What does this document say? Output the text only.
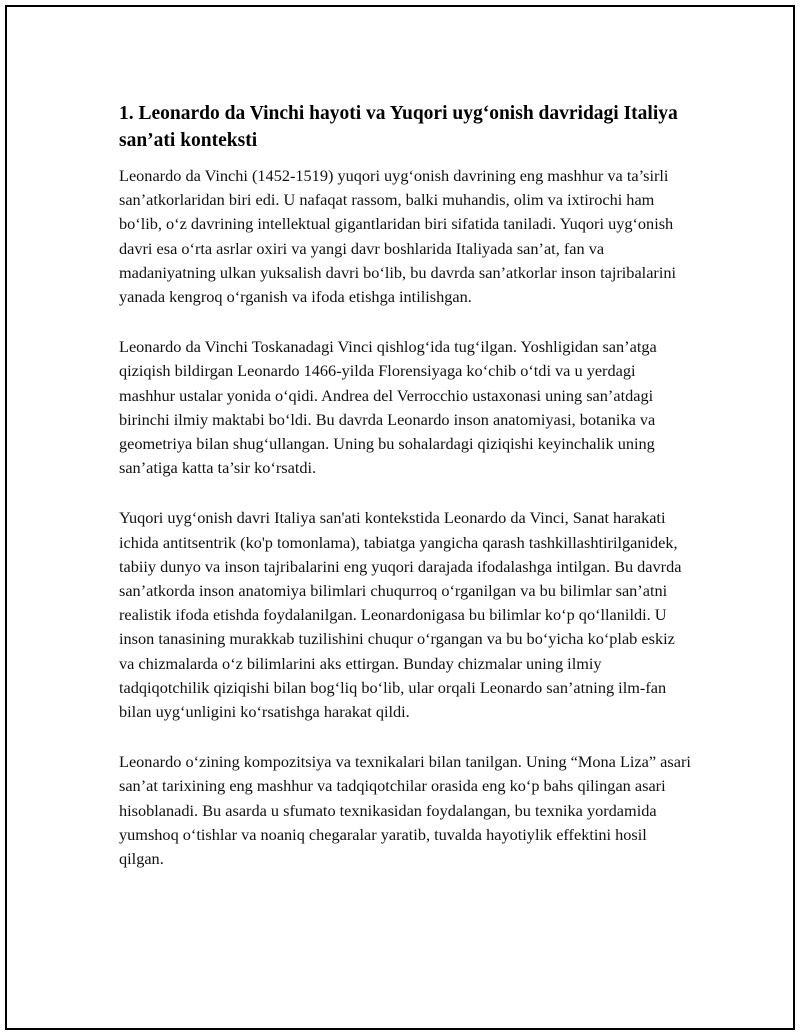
1. Leonardo da Vinchi hayoti va Yuqori uyg‘onish davridagi Italiya san’ati konteksti

Leonardo da Vinchi (1452-1519) yuqori uyg‘onish davrining eng mashhur va ta’sirli san’atkorlaridan biri edi. U nafaqat rassom, balki muhandis, olim va ixtirochi ham bo‘lib, o‘z davrining intellektual gigantlaridan biri sifatida taniladi. Yuqori uyg‘onish davri esa o‘rta asrlar oxiri va yangi davr boshlarida Italiyada san’at, fan va madaniyatning ulkan yuksalish davri bo‘lib, bu davrda san’atkorlar inson tajribalarini yanada kengroq o‘rganish va ifoda etishga intilishgan.

Leonardo da Vinchi Toskanadagi Vinci qishlog‘ida tug‘ilgan. Yoshligidan san’atga qiziqish bildirgan Leonardo 1466-yilda Florensiyaga ko‘chib o‘tdi va u yerdagi mashhur ustalar yonida o‘qidi. Andrea del Verrocchio ustaxonasi uning san’atdagi birinchi ilmiy maktabi bo‘ldi. Bu davrda Leonardo inson anatomiyasi, botanika va geometriya bilan shug‘ullangan. Uning bu sohalardagi qiziqishi keyinchalik uning san’atiga katta ta’sir ko‘rsatdi.

Yuqori uyg‘onish davri Italiya san'ati kontekstida Leonardo da Vinci, Sanat harakati ichida antitsentrik (ko'p tomonlama), tabiatga yangicha qarash tashkillashtirilganidek, tabiiy dunyo va inson tajribalarini eng yuqori darajada ifodalashga intilgan. Bu davrda san’atkorda inson anatomiya bilimlari chuqurroq o‘rganilgan va bu bilimlar san’atni realistik ifoda etishda foydalanilgan. Leonardonigasa bu bilimlar ko‘p qo‘llanildi. U inson tanasining murakkab tuzilishini chuqur o‘rgangan va bu bo‘yicha ko‘plab eskiz va chizmalarda o‘z bilimlarini aks ettirgan. Bunday chizmalar uning ilmiy tadqiqotchilik qiziqishi bilan bog‘liq bo‘lib, ular orqali Leonardo san’atning ilm-fan bilan uyg‘unligini ko‘rsatishga harakat qildi.

Leonardo o‘zining kompozitsiya va texnikalari bilan tanilgan. Uning “Mona Liza” asari san’at tarixining eng mashhur va tadqiqotchilar orasida eng ko‘p bahs qilingan asari hisoblanadi. Bu asarda u sfumato texnikasidan foydalangan, bu texnika yordamida yumshoq o‘tishlar va noaniq chegaralar yaratib, tuvalda hayotiylik effektini hosil qilgan.
